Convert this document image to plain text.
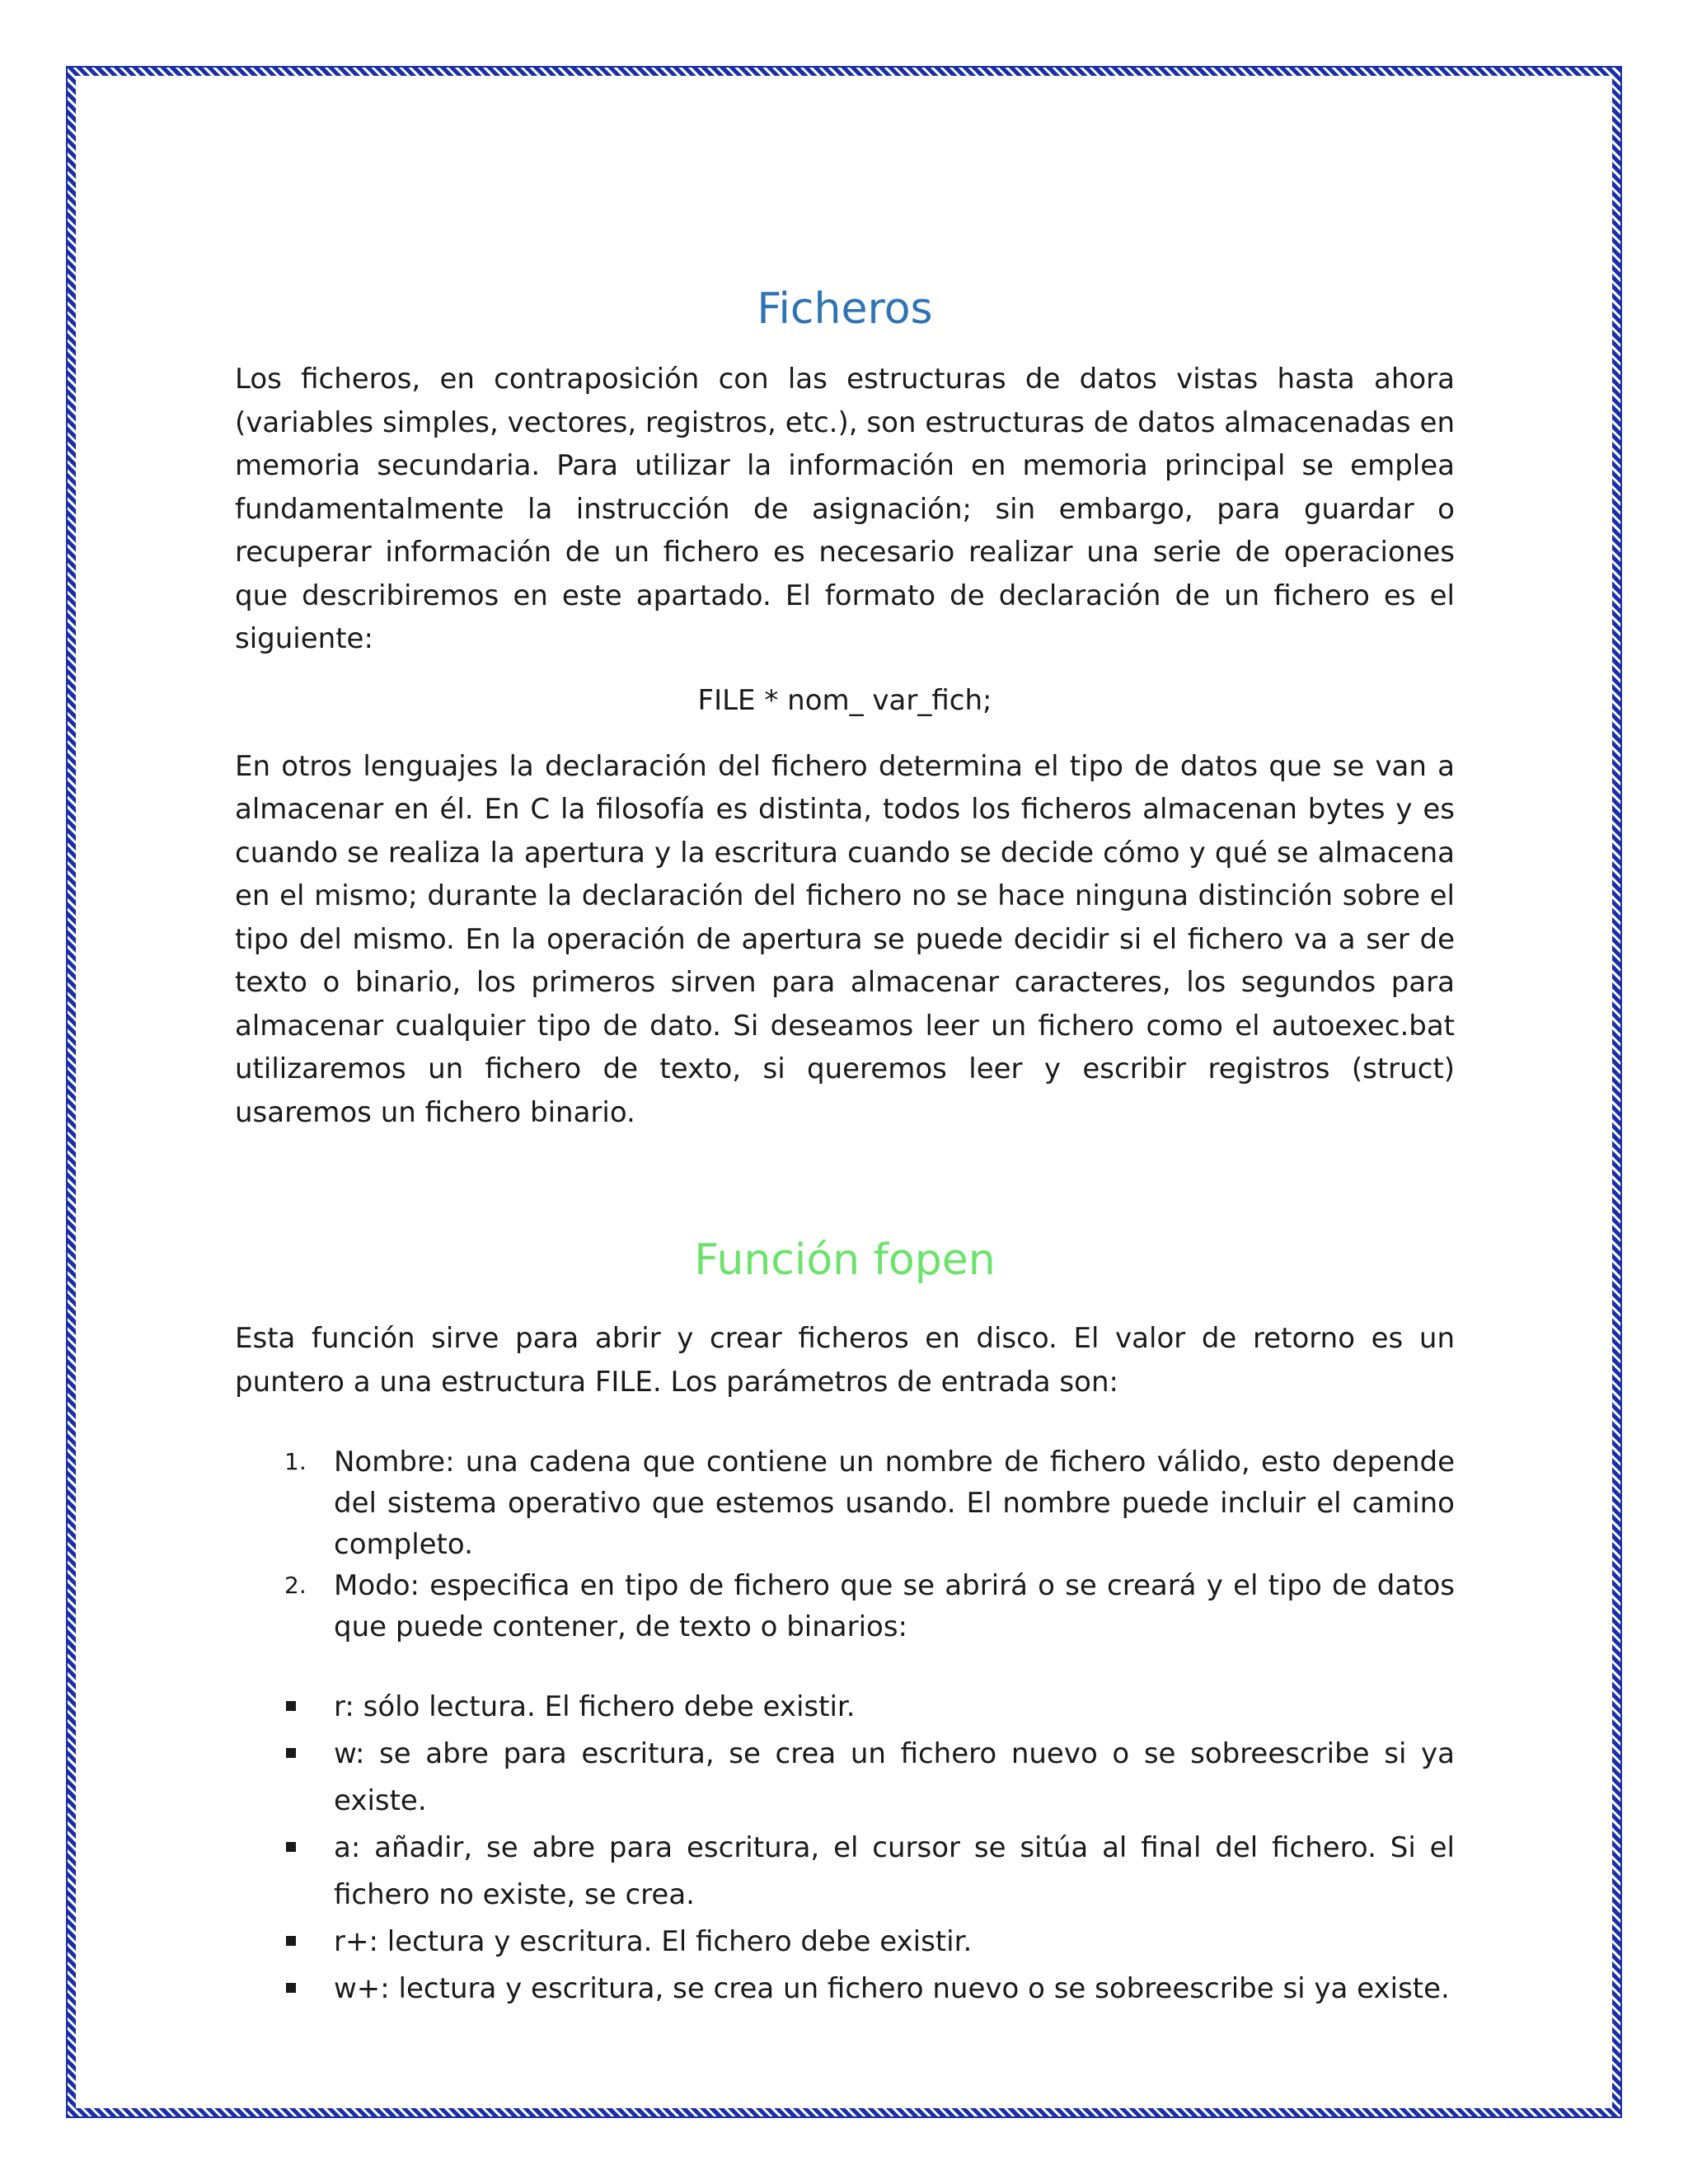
Ficheros

Los ficheros, en contraposición con las estructuras de datos vistas hasta ahora (variables simples, vectores, registros, etc.), son estructuras de datos almacenadas en memoria secundaria. Para utilizar la información en memoria principal se emplea fundamentalmente la instrucción de asignación; sin embargo, para guardar o recuperar información de un fichero es necesario realizar una serie de operaciones que describiremos en este apartado. El formato de declaración de un fichero es el siguiente:

FILE * nom_ var_fich;

En otros lenguajes la declaración del fichero determina el tipo de datos que se van a almacenar en él. En C la filosofía es distinta, todos los ficheros almacenan bytes y es cuando se realiza la apertura y la escritura cuando se decide cómo y qué se almacena en el mismo; durante la declaración del fichero no se hace ninguna distinción sobre el tipo del mismo. En la operación de apertura se puede decidir si el fichero va a ser de texto o binario, los primeros sirven para almacenar caracteres, los segundos para almacenar cualquier tipo de dato. Si deseamos leer un fichero como el autoexec.bat utilizaremos un fichero de texto, si queremos leer y escribir registros (struct) usaremos un fichero binario.

Función fopen

Esta función sirve para abrir y crear ficheros en disco. El valor de retorno es un puntero a una estructura FILE. Los parámetros de entrada son:

1. Nombre: una cadena que contiene un nombre de fichero válido, esto depende del sistema operativo que estemos usando. El nombre puede incluir el camino completo.
2. Modo: especifica en tipo de fichero que se abrirá o se creará y el tipo de datos que puede contener, de texto o binarios:
r: sólo lectura. El fichero debe existir.
w: se abre para escritura, se crea un fichero nuevo o se sobreescribe si ya existe.
a: añadir, se abre para escritura, el cursor se sitúa al final del fichero. Si el fichero no existe, se crea.
r+: lectura y escritura. El fichero debe existir.
w+: lectura y escritura, se crea un fichero nuevo o se sobreescribe si ya existe.
